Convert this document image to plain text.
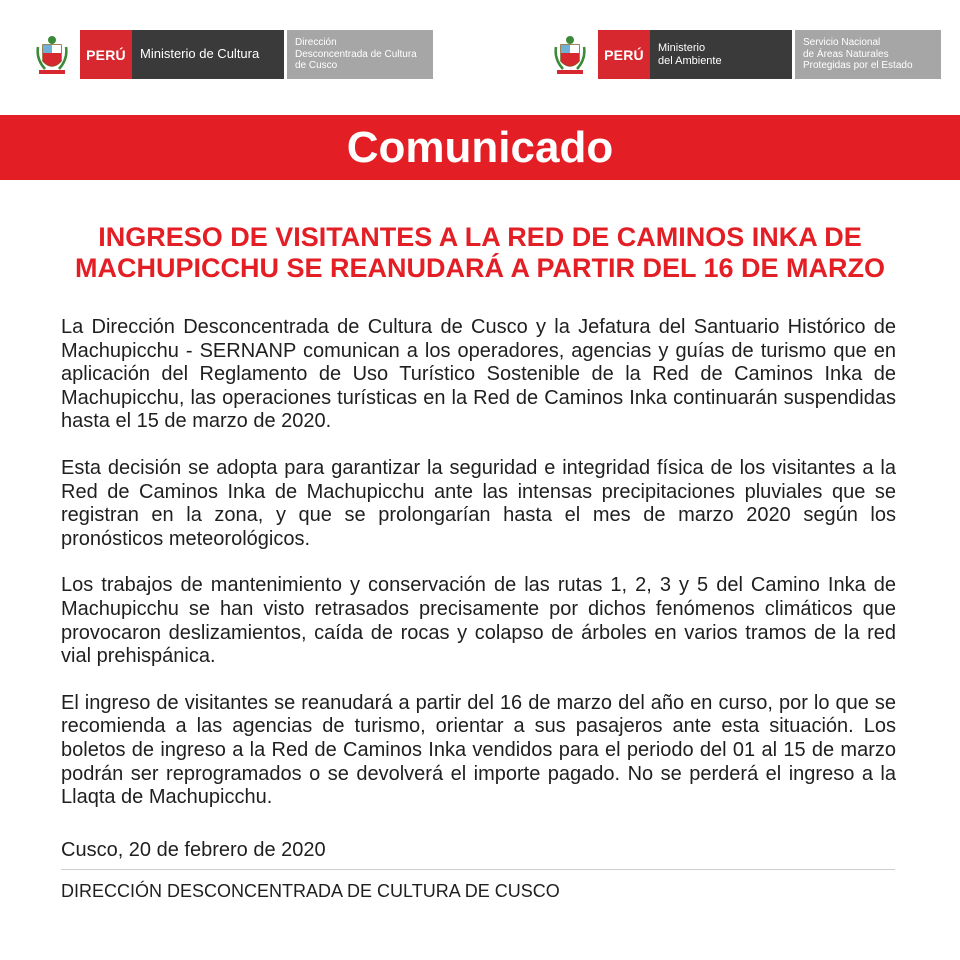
PERÚ	Ministerio de Cultura
Dirección
Desconcentrada de Cultura
de Cusco
PERÚ	Ministerio
del Ambiente
Servicio Nacional
de Áreas Naturales
Protegidas por el Estado
Comunicado
INGRESO DE VISITANTES A LA RED DE CAMINOS INKA DE MACHUPICCHU SE REANUDARÁ A PARTIR DEL 16 DE MARZO

La Dirección Desconcentrada de Cultura de Cusco y la Jefatura del Santuario Histórico de Machupicchu - SERNANP comunican a los operadores, agencias y guías de turismo que en aplicación del Reglamento de Uso Turístico Sostenible de la Red de Caminos Inka de Machupicchu, las operaciones turísticas en la Red de Caminos Inka continuarán suspendidas hasta el 15 de marzo de 2020.

Esta decisión se adopta para garantizar la seguridad e integridad física de los visitantes a la Red de Caminos Inka de Machupicchu ante las intensas precipitaciones pluviales que se registran en la zona, y que se prolongarían hasta el mes de marzo 2020 según los pronósticos meteorológicos.

Los trabajos de mantenimiento y conservación de las rutas 1, 2, 3 y 5 del Camino Inka de Machupicchu se han visto retrasados precisamente por dichos fenómenos climáticos que provocaron deslizamientos, caída de rocas y colapso de árboles en varios tramos de la red vial prehispánica.

El ingreso de visitantes se reanudará a partir del 16 de marzo del año en curso, por lo que se recomienda a las agencias de turismo, orientar a sus pasajeros ante esta situación. Los boletos de ingreso a la Red de Caminos Inka vendidos para el periodo del 01 al 15 de marzo podrán ser reprogramados o se devolverá el importe pagado. No se perderá el ingreso a la Llaqta de Machupicchu.

Cusco, 20 de febrero de 2020
DIRECCIÓN DESCONCENTRADA DE CULTURA DE CUSCO
